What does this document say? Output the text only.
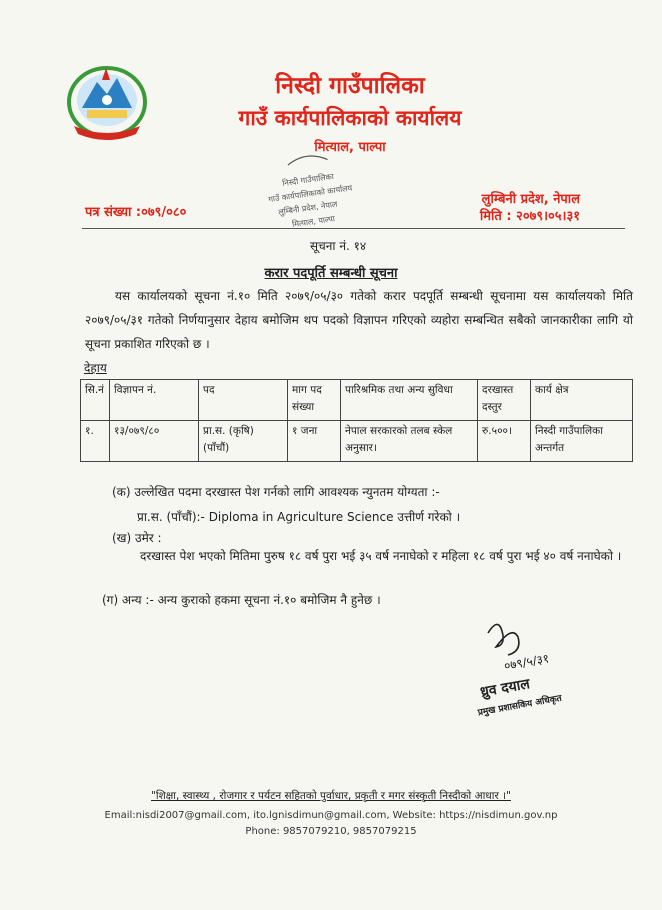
निस्दी गाउँपालिका
गाउँ कार्यपालिकाको कार्यालय
मित्याल, पाल्पा
निस्दी गाउँपालिका
गाउँ कार्यपालिकाको कार्यालय
लुम्बिनी प्रदेश, नेपाल
मित्याल, पाल्पा
पत्र संख्या :०७९/०८०
लुम्बिनी प्रदेश, नेपाल
मिति : २०७९।०५।३१
सूचना नं. १४
करार पदपूर्ति सम्बन्धी सूचना
यस कार्यालयको सूचना नं.१० मिति २०७९/०५/३० गतेको करार पदपूर्ति सम्बन्धी सूचनामा यस कार्यालयको मिति २०७९/०५/३१ गतेको निर्णयानुसार देहाय बमोजिम थप पदको विज्ञापन गरिएको व्यहोरा सम्बन्धित सबैको जानकारीका लागि यो सूचना प्रकाशित गरिएको छ ।
देहाय
सि.नं	विज्ञापन नं.	पद	माग पद संख्या	पारिश्रमिक तथा अन्य सुविधा	दरखास्त दस्तुर	कार्य क्षेत्र
१.	१३/०७९/८०	प्रा.स. (कृषि) (पाँचौं)	१ जना	नेपाल सरकारको तलब स्केल अनुसार।	रु.५००।	निस्दी गाउँपालिका अन्तर्गत
(क) उल्लेखित पदमा दरखास्त पेश गर्नको लागि आवश्यक न्युनतम योग्यता :-
प्रा.स. (पाँचौं):- Diploma in Agriculture Science उत्तीर्ण गरेको ।
(ख) उमेर :
दरखास्त पेश भएको मितिमा पुरुष १८ वर्ष पुरा भई ३५ वर्ष ननाघेको र महिला १८ वर्ष पुरा भई ४० वर्ष ननाघेको ।
(ग) अन्य :- अन्य कुराको हकमा सूचना नं.१० बमोजिम नै हुनेछ ।
०७९/५/३१
ध्रुव दयाल
प्रमुख प्रशासकिय अधिकृत
"शिक्षा, स्वास्थ्य , रोजगार र पर्यटन सहितको पुर्वाधार, प्रकृती र मगर संस्कृती निस्दीको आधार ।"
Email:nisdi2007@gmail.com, ito.lgnisdimun@gmail.com, Website: https://nisdimun.gov.np
Phone: 9857079210, 9857079215
